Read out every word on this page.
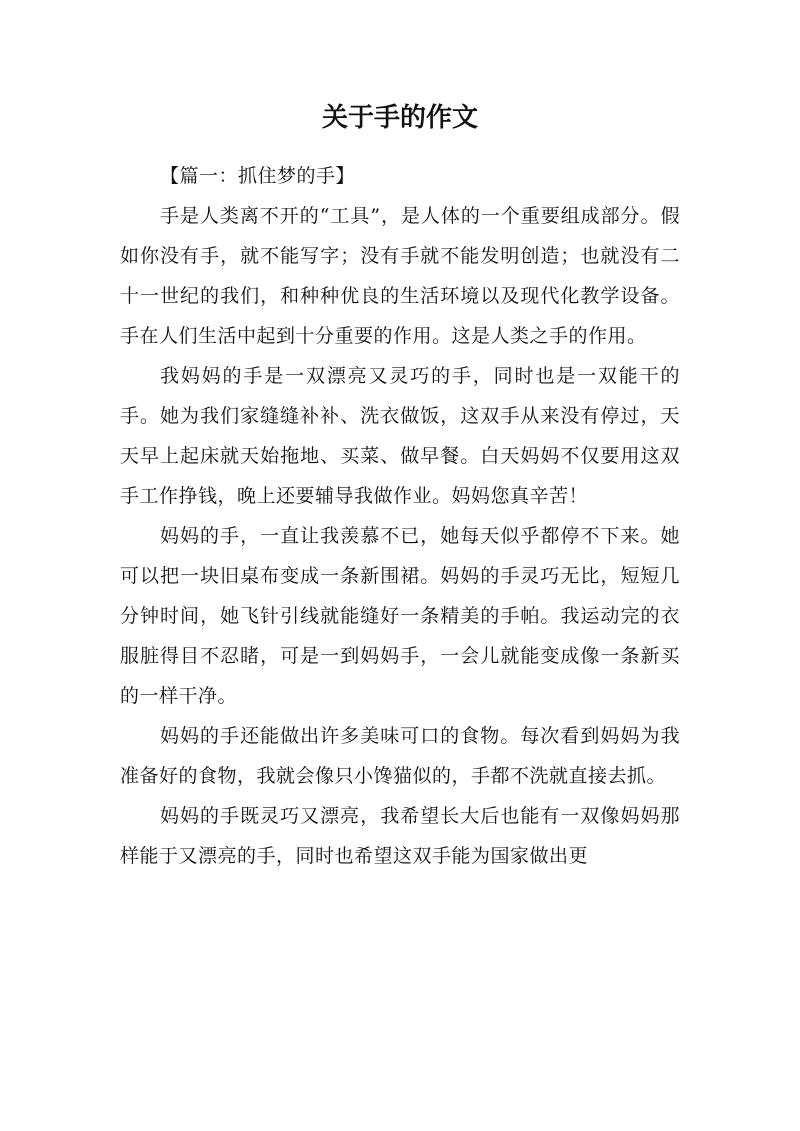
关于手的作文

【篇一：抓住梦的手】

手是人类离不开的“工具”，是人体的一个重要组成部分。假如你没有手，就不能写字；没有手就不能发明创造；也就没有二十一世纪的我们，和种种优良的生活环境以及现代化教学设备。手在人们生活中起到十分重要的作用。这是人类之手的作用。

我妈妈的手是一双漂亮又灵巧的手，同时也是一双能干的手。她为我们家缝缝补补、洗衣做饭，这双手从来没有停过，天天早上起床就天始拖地、买菜、做早餐。白天妈妈不仅要用这双手工作挣钱，晚上还要辅导我做作业。妈妈您真辛苦！

妈妈的手，一直让我羡慕不已，她每天似乎都停不下来。她可以把一块旧桌布变成一条新围裙。妈妈的手灵巧无比，短短几分钟时间，她飞针引线就能缝好一条精美的手帕。我运动完的衣服脏得目不忍睹，可是一到妈妈手，一会儿就能变成像一条新买的一样干净。

妈妈的手还能做出许多美味可口的食物。每次看到妈妈为我准备好的食物，我就会像只小馋猫似的，手都不洗就直接去抓。

妈妈的手既灵巧又漂亮，我希望长大后也能有一双像妈妈那样能于又漂亮的手，同时也希望这双手能为国家做出更
